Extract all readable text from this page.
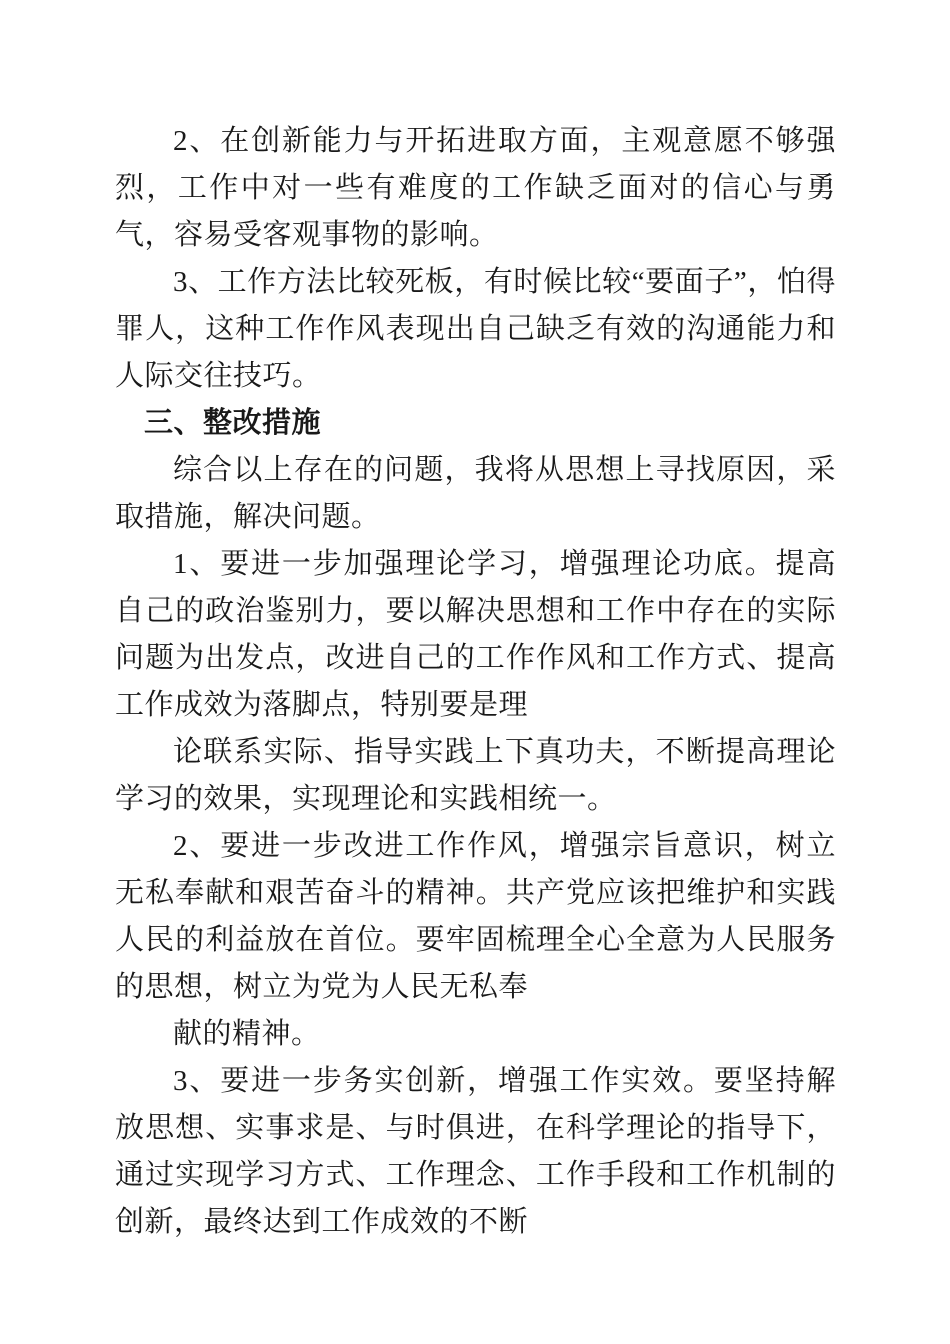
2、在创新能力与开拓进取方面，主观意愿不够强烈，工作中对一些有难度的工作缺乏面对的信心与勇气，容易受客观事物的影响。

3、工作方法比较死板，有时候比较“要面子”，怕得罪人，这种工作作风表现出自己缺乏有效的沟通能力和人际交往技巧。

三、整改措施

综合以上存在的问题，我将从思想上寻找原因，采取措施，解决问题。

1、要进一步加强理论学习，增强理论功底。提高自己的政治鉴别力，要以解决思想和工作中存在的实际问题为出发点，改进自己的工作作风和工作方式、提高工作成效为落脚点，特别要是理

论联系实际、指导实践上下真功夫，不断提高理论学习的效果，实现理论和实践相统一。

2、要进一步改进工作作风，增强宗旨意识，树立无私奉献和艰苦奋斗的精神。共产党应该把维护和实践人民的利益放在首位。要牢固梳理全心全意为人民服务的思想，树立为党为人民无私奉

献的精神。

3、要进一步务实创新，增强工作实效。要坚持解放思想、实事求是、与时俱进，在科学理论的指导下，通过实现学习方式、工作理念、工作手段和工作机制的创新，最终达到工作成效的不断
